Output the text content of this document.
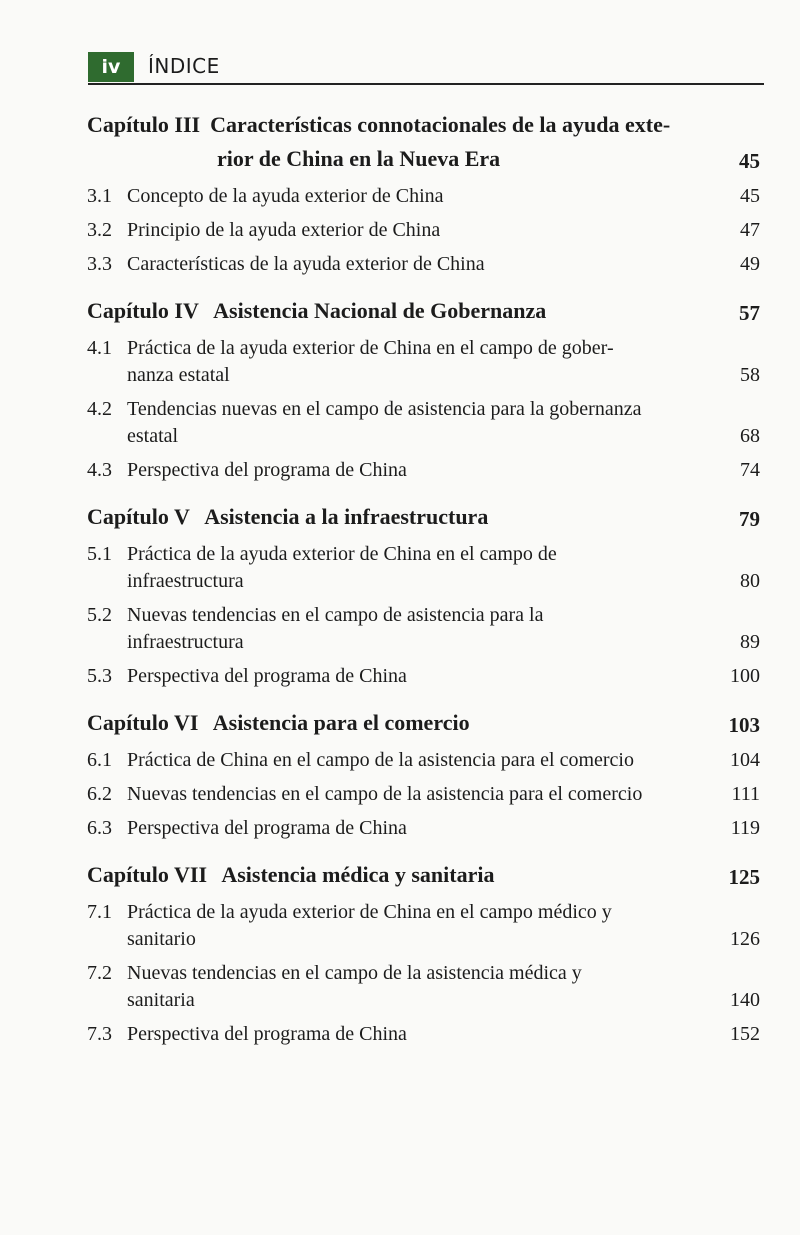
iv	ÍNDICE
Capítulo III Características connotacionales de la ayuda exte-
rior de China en la Nueva Era	45
3.1 Concepto de la ayuda exterior de China	45
3.2 Principio de la ayuda exterior de China	47
3.3 Características de la ayuda exterior de China	49
Capítulo IV Asistencia Nacional de Gobernanza	57
4.1 Práctica de la ayuda exterior de China en el campo de gober-
nanza estatal	58
4.2 Tendencias nuevas en el campo de asistencia para la gobernanza
estatal	68
4.3 Perspectiva del programa de China	74
Capítulo V Asistencia a la infraestructura	79
5.1 Práctica de la ayuda exterior de China en el campo de
infraestructura	80
5.2 Nuevas tendencias en el campo de asistencia para la
infraestructura	89
5.3 Perspectiva del programa de China	100
Capítulo VI Asistencia para el comercio	103
6.1 Práctica de China en el campo de la asistencia para el comercio	104
6.2 Nuevas tendencias en el campo de la asistencia para el comercio	111
6.3 Perspectiva del programa de China	119
Capítulo VII Asistencia médica y sanitaria	125
7.1 Práctica de la ayuda exterior de China en el campo médico y
sanitario	126
7.2 Nuevas tendencias en el campo de la asistencia médica y
sanitaria	140
7.3 Perspectiva del programa de China	152
